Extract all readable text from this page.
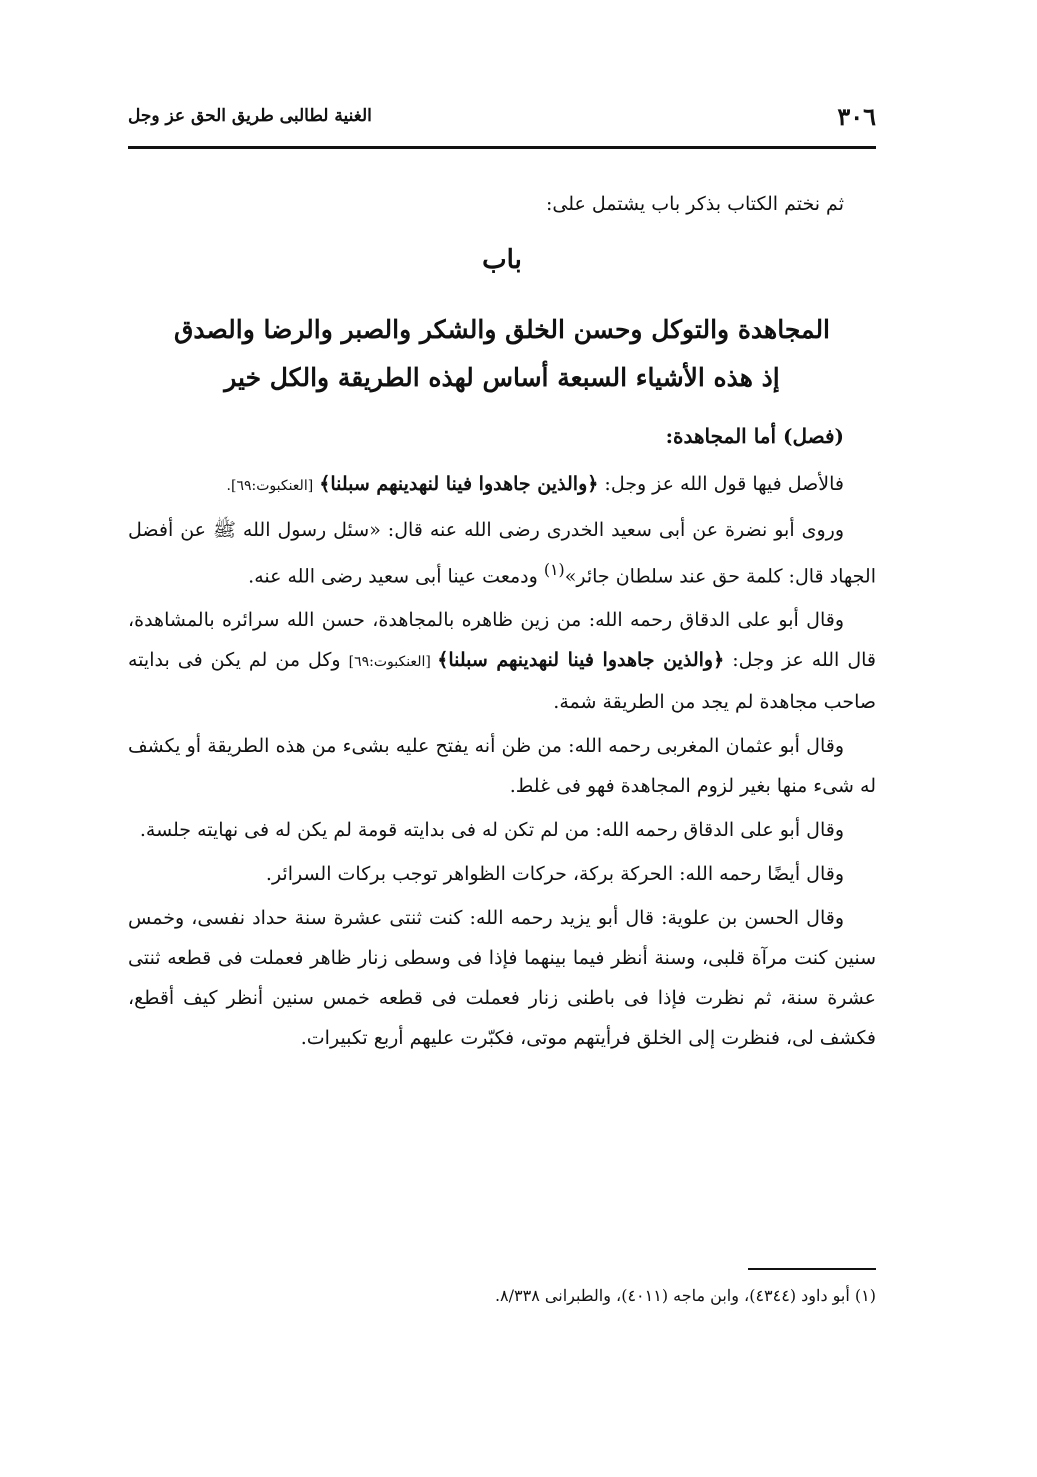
٣٠٦
الغنية لطالبى طريق الحق عز وجل

ثم نختم الكتاب بذكر باب يشتمل على:

باب
المجاهدة والتوكل وحسن الخلق والشكر والصبر والرضا والصدق
إذ هذه الأشياء السبعة أساس لهذه الطريقة والكل خير

(فصل) أما المجاهدة:

فالأصل فيها قول الله عز وجل: ﴿والذين جاهدوا فينا لنهدينهم سبلنا﴾ [العنكبوت:٦٩].

وروى أبو نضرة عن أبى سعيد الخدرى رضى الله عنه قال: «سئل رسول الله ﷺ عن أفضل الجهاد قال: كلمة حق عند سلطان جائر»$^{(١)}$ ودمعت عينا أبى سعيد رضى الله عنه.

وقال أبو على الدقاق رحمه الله: من زين ظاهره بالمجاهدة، حسن الله سرائره بالمشاهدة، قال الله عز وجل: ﴿والذين جاهدوا فينا لنهدينهم سبلنا﴾ [العنكبوت:٦٩] وكل من لم يكن فى بدايته صاحب مجاهدة لم يجد من الطريقة شمة.

وقال أبو عثمان المغربى رحمه الله: من ظن أنه يفتح عليه بشىء من هذه الطريقة أو يكشف له شىء منها بغير لزوم المجاهدة فهو فى غلط.

وقال أبو على الدقاق رحمه الله: من لم تكن له فى بدايته قومة لم يكن له فى نهايته جلسة.

وقال أيضًا رحمه الله: الحركة بركة، حركات الظواهر توجب بركات السرائر.

وقال الحسن بن علوية: قال أبو يزيد رحمه الله: كنت ثنتى عشرة سنة حداد نفسى، وخمس سنين كنت مرآة قلبى، وسنة أنظر فيما بينهما فإذا فى وسطى زنار ظاهر فعملت فى قطعه ثنتى عشرة سنة، ثم نظرت فإذا فى باطنى زنار فعملت فى قطعه خمس سنين أنظر كيف أقطع، فكشف لى، فنظرت إلى الخلق فرأيتهم موتى، فكبّرت عليهم أربع تكبيرات.

(١) أبو داود (٤٣٤٤)، وابن ماجه (٤٠١١)، والطبرانى ٨/٣٣٨.
